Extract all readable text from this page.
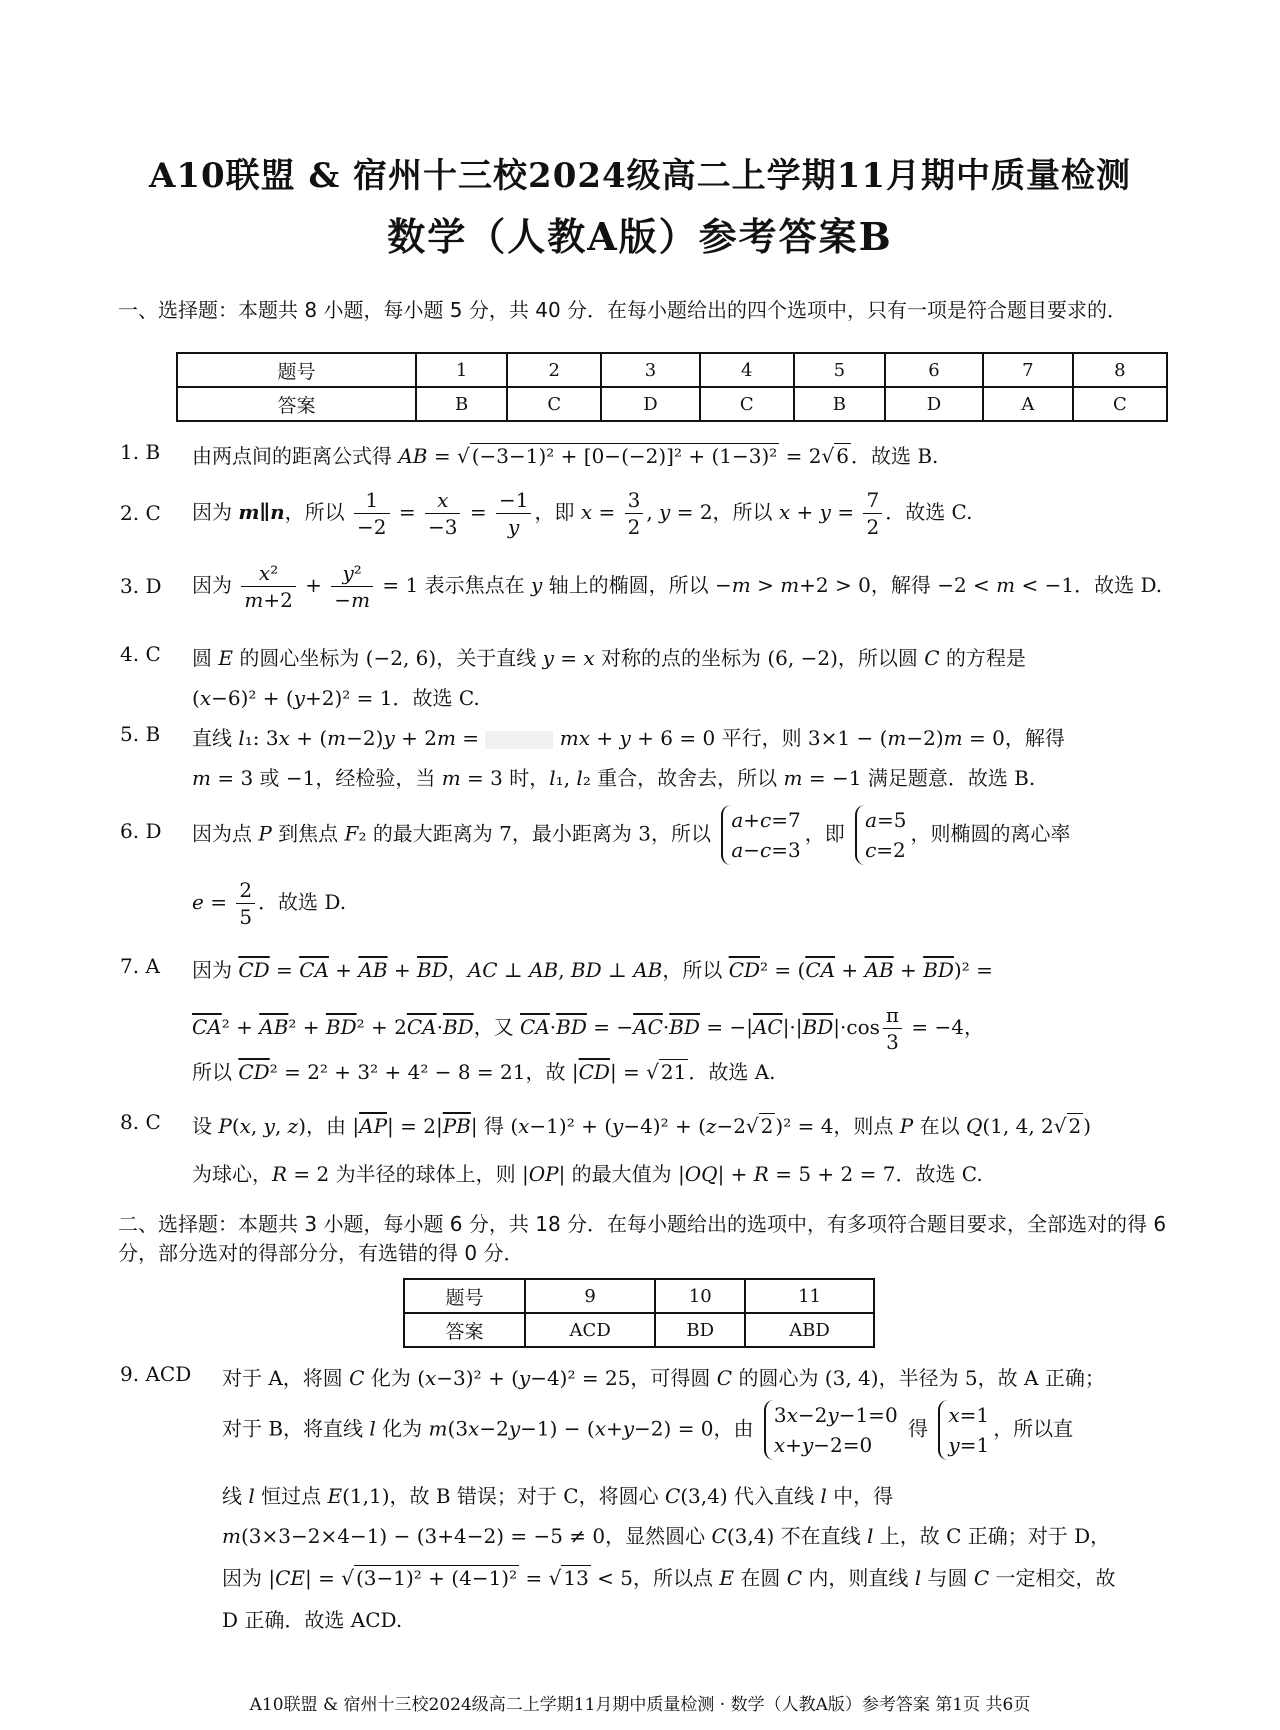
A10联盟 & 宿州十三校2024级高二上学期11月期中质量检测
数学（人教A版）参考答案B
一、选择题：本题共 8 小题，每小题 5 分，共 40 分．在每小题给出的四个选项中，只有一项是符合题目要求的．
题号	1	2	3	4	5	6	7	8
答案	B	C	D	C	B	D	A	C
1. B	由两点间的距离公式得 AB = √ (−3−1)² + [0−(−2)]² + (1−3)² = 2√ 6 ．故选 B.
2. C	因为 m∥n，所以 $\frac{1}{-2} = \frac{x}{-3} = \frac{-1}{y}$ ，即 $x = \frac{3}{2}$ , y = 2，所以 $x + y = \frac{7}{2}$ ．故选 C.
3. D	因为 $\frac{\text{x²}}{m+2} + \frac{\text{y²}}{-m} = 1$ 表示焦点在 y 轴上的椭圆，所以 −m > m+2 > 0，解得 −2 < m < −1．故选 D.
4. C	圆 E 的圆心坐标为 (−2, 6)，关于直线 y = x 对称的点的坐标为 (6, −2)，所以圆 C 的方程是
(x−6)² + (y+2)² = 1．故选 C.
5. B	直线 l₁: 3x + (m−2)y + 2m =	mx + y + 6 = 0 平行，则 3×1 − (m−2)m = 0，解得
m = 3 或 −1，经检验，当 m = 3 时，l₁, l₂ 重合，故舍去，所以 m = −1 满足题意．故选 B.
6. D	因为点 P 到焦点 F₂ 的最大距离为 7，最小距离为 3，所以
a+c=7
a−c=3
，即
a=5
c=2
，则椭圆的离心率
$e = \frac{2}{5}$ ．故选 D.
7. A	因为 $\overline{CD} = \overline{CA} + \overline{AB} + \overline{BD}$，AC ⊥ AB, BD ⊥ AB，所以 $\overline{CD}^2 = (\overline{CA} + \overline{AB} + \overline{BD})^2$ =
$\overline{CA}^2 + \overline{AB}^2 + \overline{BD}^2 + 2\overline{CA}\cdot\overline{BD}$，又 $\overline{CA}\cdot\overline{BD} = -\overline{AC}\cdot\overline{BD} = -|\overline{AC}|\cdot|\overline{BD}|\cdot\cos \frac{\pi}{3} = -4$，
所以 $\overline{CD}^2 = 2^2 + 3^2 + 4^2 - 8 = 21$，故 $|\overline{CD}|$ = √ 21 ．故选 A.
8. C	设 P(x, y, z)，由 $|\overline{AP}| = 2|\overline{PB}|$ 得 (x−1)² + (y−4)² + (z−2√ 2 )² = 4，则点 P 在以 Q(1, 4, 2√ 2 )
为球心，R = 2 为半径的球体上，则 |OP| 的最大值为 |OQ| + R = 5 + 2 = 7．故选 C.
二、选择题：本题共 3 小题，每小题 6 分，共 18 分．在每小题给出的选项中，有多项符合题目要求，全部选对的得 6 分，部分选对的得部分分，有选错的得 0 分．
题号	9	10	11
答案	ACD	BD	ABD
9. ACD	对于 A，将圆 C 化为 (x−3)² + (y−4)² = 25，可得圆 C 的圆心为 (3, 4)，半径为 5，故 A 正确；
对于 B，将直线 l 化为 m(3x−2y−1) − (x+y−2) = 0，由
3x−2y−1=0
x+y−2=0
得
x=1
y=1
，所以直
线 l 恒过点 E(1,1)，故 B 错误；对于 C，将圆心 C(3,4) 代入直线 l 中，得
m(3×3−2×4−1) − (3+4−2) = −5 ≠ 0，显然圆心 C(3,4) 不在直线 l 上，故 C 正确；对于 D，
因为 |CE| = √ (3−1)² + (4−1)² = √ 13 < 5，所以点 E 在圆 C 内，则直线 l 与圆 C 一定相交，故
D 正确．故选 ACD.
A10联盟 & 宿州十三校2024级高二上学期11月期中质量检测 · 数学（人教A版）参考答案 第1页 共6页
